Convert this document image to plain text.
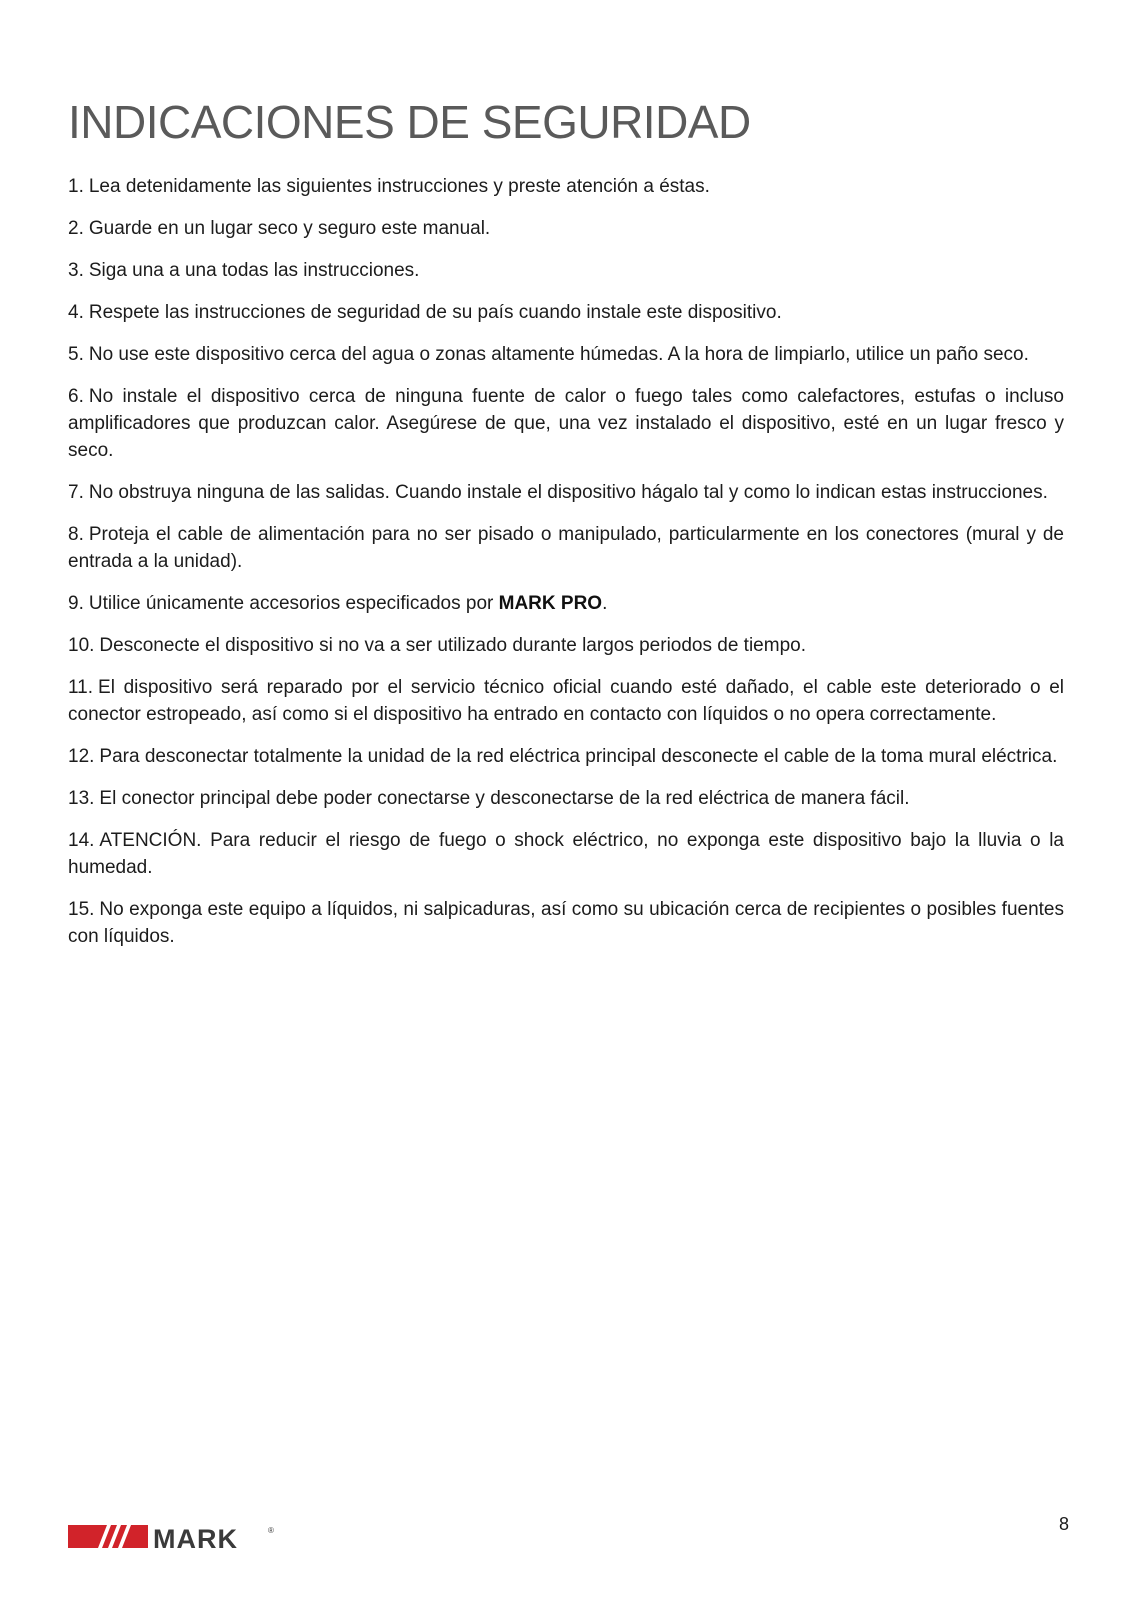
INDICACIONES DE SEGURIDAD
1. Lea detenidamente las siguientes instrucciones y preste atención a éstas.
2. Guarde en un lugar seco y seguro este manual.
3. Siga una a una todas las instrucciones.
4. Respete las instrucciones de seguridad de su país cuando instale este dispositivo.
5. No use este dispositivo cerca del agua o zonas altamente húmedas. A la hora de limpiarlo, utilice un paño seco.
6. No instale el dispositivo cerca de ninguna fuente de calor o fuego tales como calefactores, estufas o incluso amplificadores que produzcan calor. Asegúrese de que, una vez instalado el dispositivo, esté en un lugar fresco y seco.
7. No obstruya ninguna de las salidas. Cuando instale el dispositivo hágalo tal y como lo indican estas instrucciones.
8. Proteja el cable de alimentación para no ser pisado o manipulado, particularmente en los conectores (mural y de entrada a la unidad).
9. Utilice únicamente accesorios especificados por MARK PRO.
10. Desconecte el dispositivo si no va a ser utilizado durante largos periodos de tiempo.
11. El dispositivo será reparado por el servicio técnico oficial cuando esté dañado, el cable este deteriorado o el conector estropeado, así como si el dispositivo ha entrado en contacto con líquidos o no opera correctamente.
12. Para desconectar totalmente la unidad de la red eléctrica principal desconecte el cable de la toma mural eléctrica.
13. El conector principal debe poder conectarse y desconectarse de la red eléctrica de manera fácil.
14. ATENCIÓN. Para reducir el riesgo de fuego o shock eléctrico, no exponga este dispositivo bajo la lluvia o la humedad.
15. No exponga este equipo a líquidos, ni salpicaduras, así como su ubicación cerca de recipientes o posibles fuentes con líquidos.
MARK	®	8
